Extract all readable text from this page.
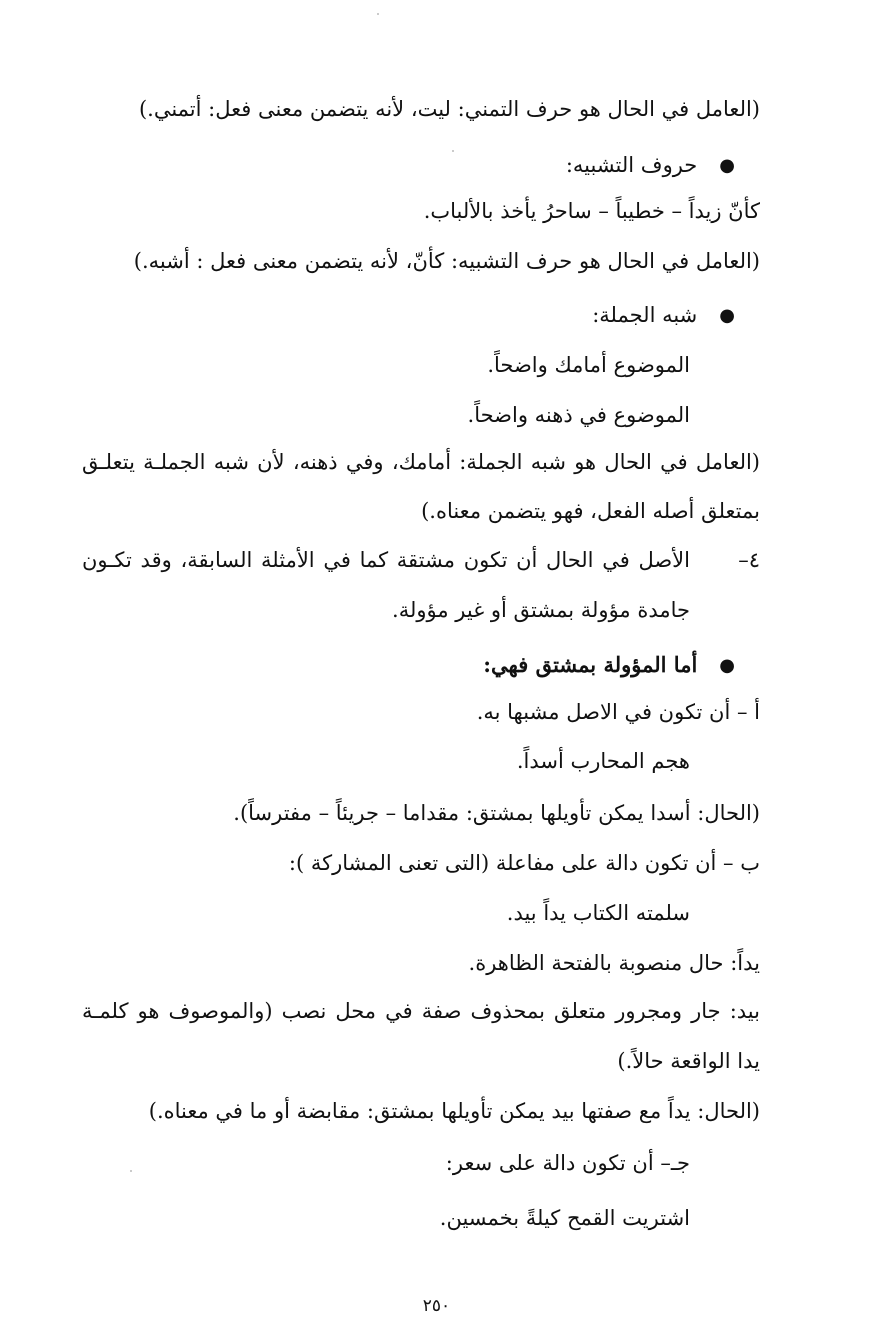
(العامل في الحال هو حرف التمني: ليت، لأنه يتضمن معنى فعل: أتمني.)
●حروف التشبيه:
كأنّ زيداً – خطيباً – ساحرُ يأخذ بالألباب.
(العامل في الحال هو حرف التشبيه: كأنّ، لأنه يتضمن معنى فعل : أشبه.)
●شبه الجملة:
الموضوع أمامك واضحاً.
الموضوع في ذهنه واضحاً.
(العامل في الحال هو شبه الجملة: أمامك، وفي ذهنه، لأن شبه الجملـة يتعلـق
بمتعلق أصله الفعل، فهو يتضمن معناه.)
٤–
الأصل في الحال أن تكون مشتقة كما في الأمثلة السابقة، وقد تكـون
جامدة مؤولة بمشتق أو غير مؤولة.
●أما المؤولة بمشتق فهي:
أ – أن تكون في الاصل مشبها به.
هجم المحارب أسداً.
(الحال: أسدا يمكن تأويلها بمشتق: مقداما – جريئاً – مفترساً).
ب – أن تكون دالة على مفاعلة (التى تعنى المشاركة ):
سلمته الكتاب يداً بيد.
يداً: حال منصوبة بالفتحة الظاهرة.
بيد: جار ومجرور متعلق بمحذوف صفة في محل نصب (والموصوف هو كلمـة
يدا الواقعة حالاً.)
(الحال: يداً مع صفتها بيد يمكن تأويلها بمشتق: مقابضة أو ما في معناه.)
جـ– أن تكون دالة على سعر:
اشتريت القمح كيلةً بخمسين.
٢٥٠
